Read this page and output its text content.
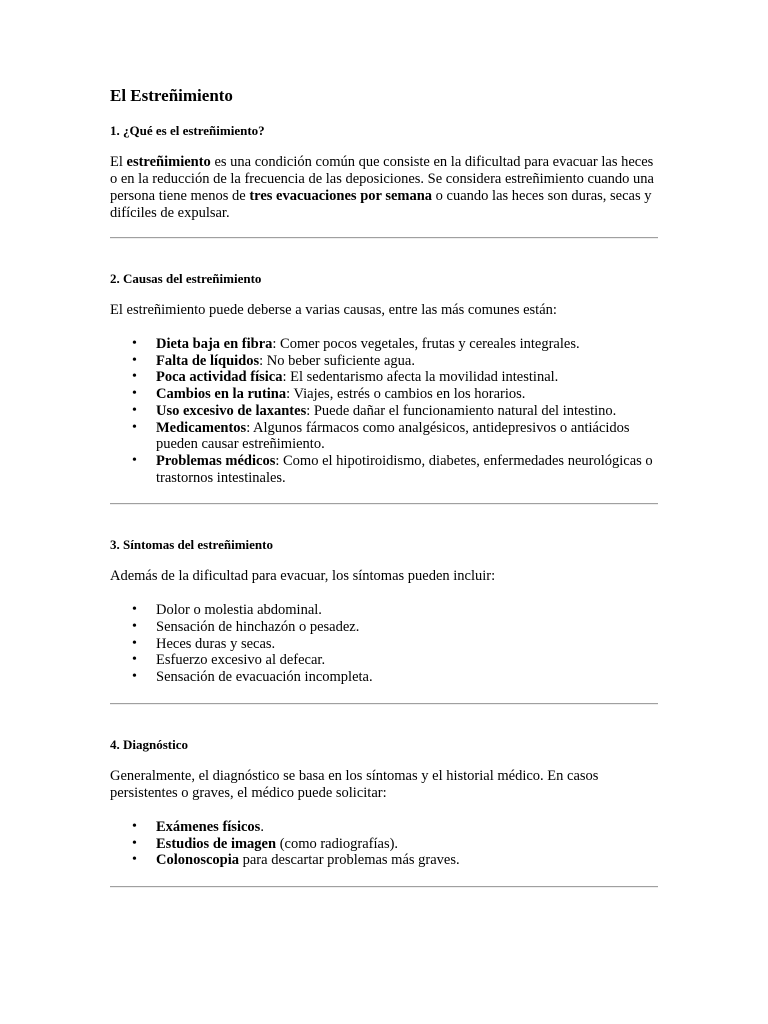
El Estreñimiento
1. ¿Qué es el estreñimiento?

El estreñimiento es una condición común que consiste en la dificultad para evacuar las heces o en la reducción de la frecuencia de las deposiciones. Se considera estreñimiento cuando una persona tiene menos de tres evacuaciones por semana o cuando las heces son duras, secas y difíciles de expulsar.

2. Causas del estreñimiento

El estreñimiento puede deberse a varias causas, entre las más comunes están:

• Dieta baja en fibra: Comer pocos vegetales, frutas y cereales integrales.
• Falta de líquidos: No beber suficiente agua.
• Poca actividad física: El sedentarismo afecta la movilidad intestinal.
• Cambios en la rutina: Viajes, estrés o cambios en los horarios.
• Uso excesivo de laxantes: Puede dañar el funcionamiento natural del intestino.
• Medicamentos: Algunos fármacos como analgésicos, antidepresivos o antiácidos pueden causar estreñimiento.
• Problemas médicos: Como el hipotiroidismo, diabetes, enfermedades neurológicas o trastornos intestinales.
3. Síntomas del estreñimiento

Además de la dificultad para evacuar, los síntomas pueden incluir:

• Dolor o molestia abdominal.
• Sensación de hinchazón o pesadez.
• Heces duras y secas.
• Esfuerzo excesivo al defecar.
• Sensación de evacuación incompleta.
4. Diagnóstico

Generalmente, el diagnóstico se basa en los síntomas y el historial médico. En casos persistentes o graves, el médico puede solicitar:

• Exámenes físicos.
• Estudios de imagen (como radiografías).
• Colonoscopia para descartar problemas más graves.
